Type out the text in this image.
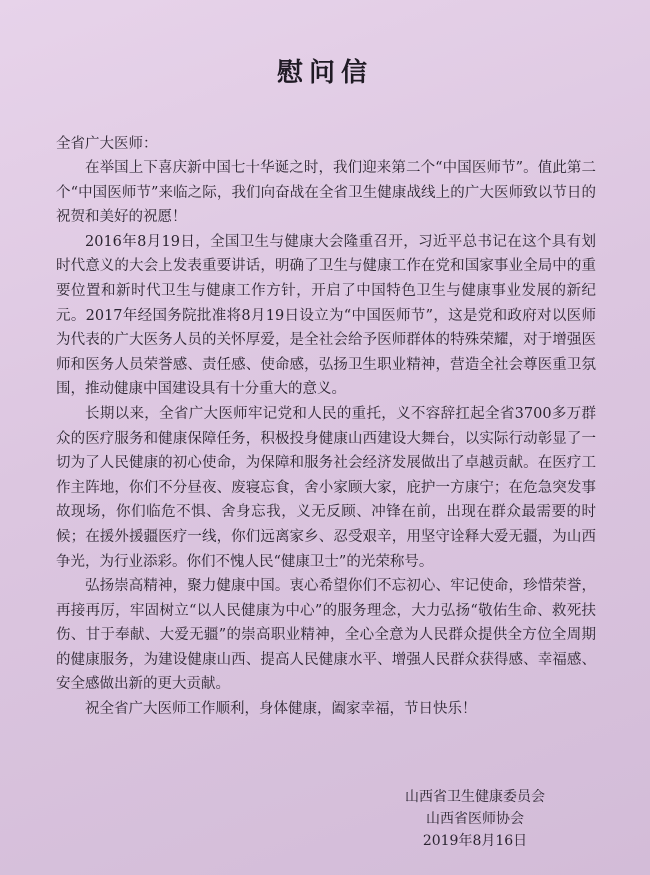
慰问信
全省广大医师：

在举国上下喜庆新中国七十华诞之时，我们迎来第二个“中国医师节”。值此第二个“中国医师节”来临之际，我们向奋战在全省卫生健康战线上的广大医师致以节日的祝贺和美好的祝愿！

2016年8月19日，全国卫生与健康大会隆重召开，习近平总书记在这个具有划时代意义的大会上发表重要讲话，明确了卫生与健康工作在党和国家事业全局中的重要位置和新时代卫生与健康工作方针，开启了中国特色卫生与健康事业发展的新纪元。2017年经国务院批准将8月19日设立为“中国医师节”，这是党和政府对以医师为代表的广大医务人员的关怀厚爱，是全社会给予医师群体的特殊荣耀，对于增强医师和医务人员荣誉感、责任感、使命感，弘扬卫生职业精神，营造全社会尊医重卫氛围，推动健康中国建设具有十分重大的意义。

长期以来，全省广大医师牢记党和人民的重托，义不容辞扛起全省3700多万群众的医疗服务和健康保障任务，积极投身健康山西建设大舞台，以实际行动彰显了一切为了人民健康的初心使命，为保障和服务社会经济发展做出了卓越贡献。在医疗工作主阵地，你们不分昼夜、废寝忘食，舍小家顾大家，庇护一方康宁；在危急突发事故现场，你们临危不惧、舍身忘我，义无反顾、冲锋在前，出现在群众最需要的时候；在援外援疆医疗一线，你们远离家乡、忍受艰辛，用坚守诠释大爱无疆，为山西争光，为行业添彩。你们不愧人民“健康卫士”的光荣称号。

弘扬崇高精神，聚力健康中国。衷心希望你们不忘初心、牢记使命，珍惜荣誉，再接再厉，牢固树立“以人民健康为中心”的服务理念，大力弘扬“敬佑生命、救死扶伤、甘于奉献、大爱无疆”的崇高职业精神，全心全意为人民群众提供全方位全周期的健康服务，为建设健康山西、提高人民健康水平、增强人民群众获得感、幸福感、安全感做出新的更大贡献。

祝全省广大医师工作顺利，身体健康，阖家幸福，节日快乐！

山西省卫生健康委员会
山西省医师协会
2019年8月16日
